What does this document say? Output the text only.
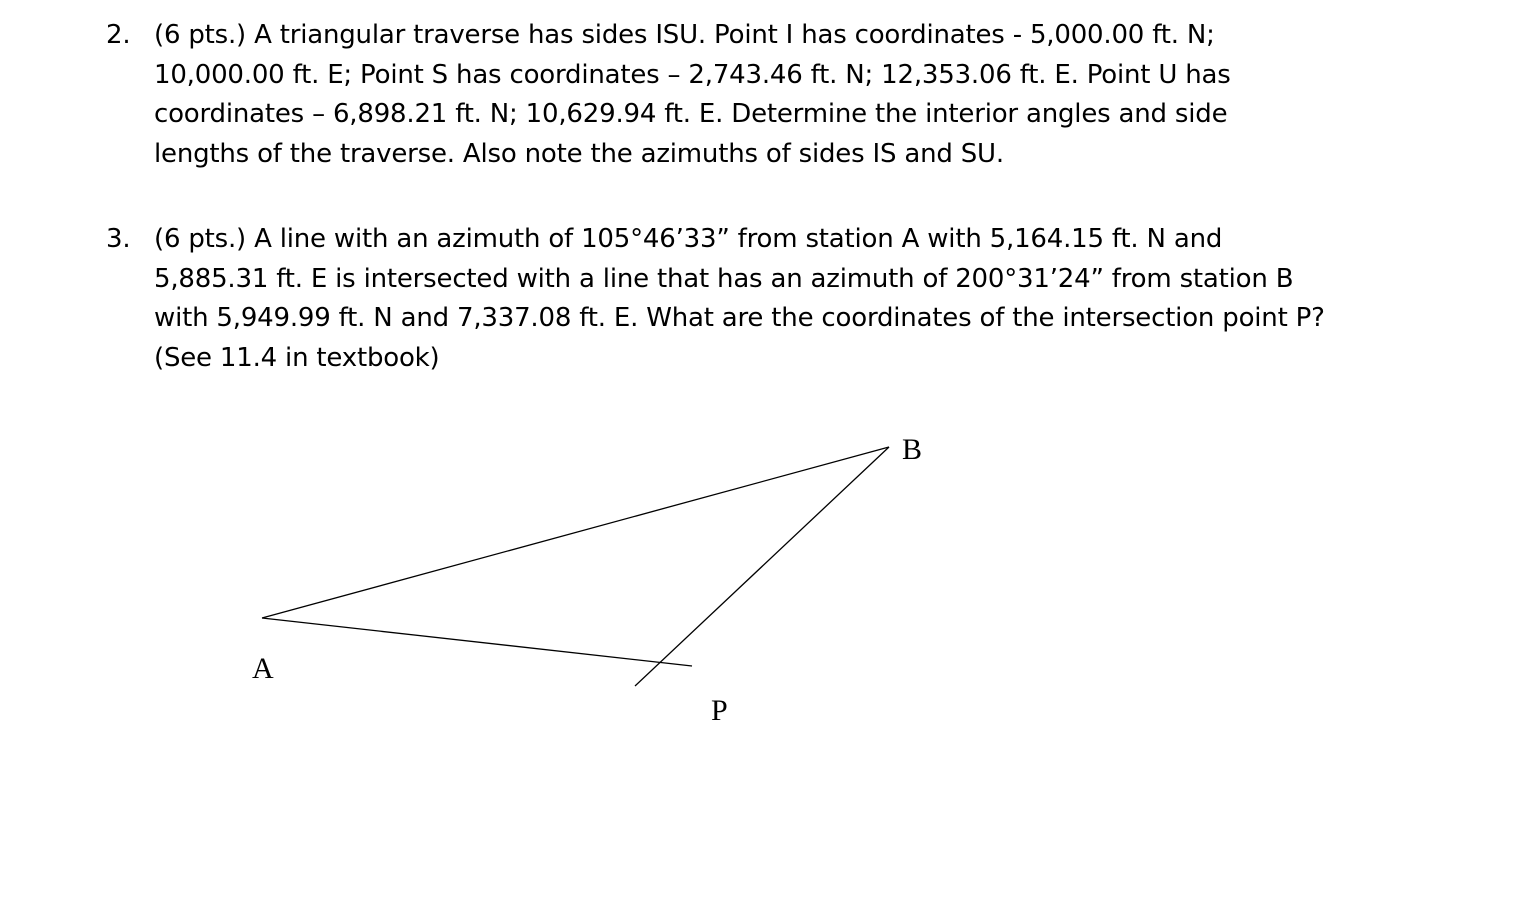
2. (6 pts.) A triangular traverse has sides ISU. Point I has coordinates - 5,000.00 ft. N;
10,000.00 ft. E; Point S has coordinates – 2,743.46 ft. N; 12,353.06 ft. E. Point U has
coordinates – 6,898.21 ft. N; 10,629.94 ft. E. Determine the interior angles and side
lengths of the traverse. Also note the azimuths of sides IS and SU.
3. (6 pts.) A line with an azimuth of 105°46’33” from station A with 5,164.15 ft. N and
5,885.31 ft. E is intersected with a line that has an azimuth of 200°31’24” from station B
with 5,949.99 ft. N and 7,337.08 ft. E. What are the coordinates of the intersection point P?
(See 11.4 in textbook)
A
B
P
